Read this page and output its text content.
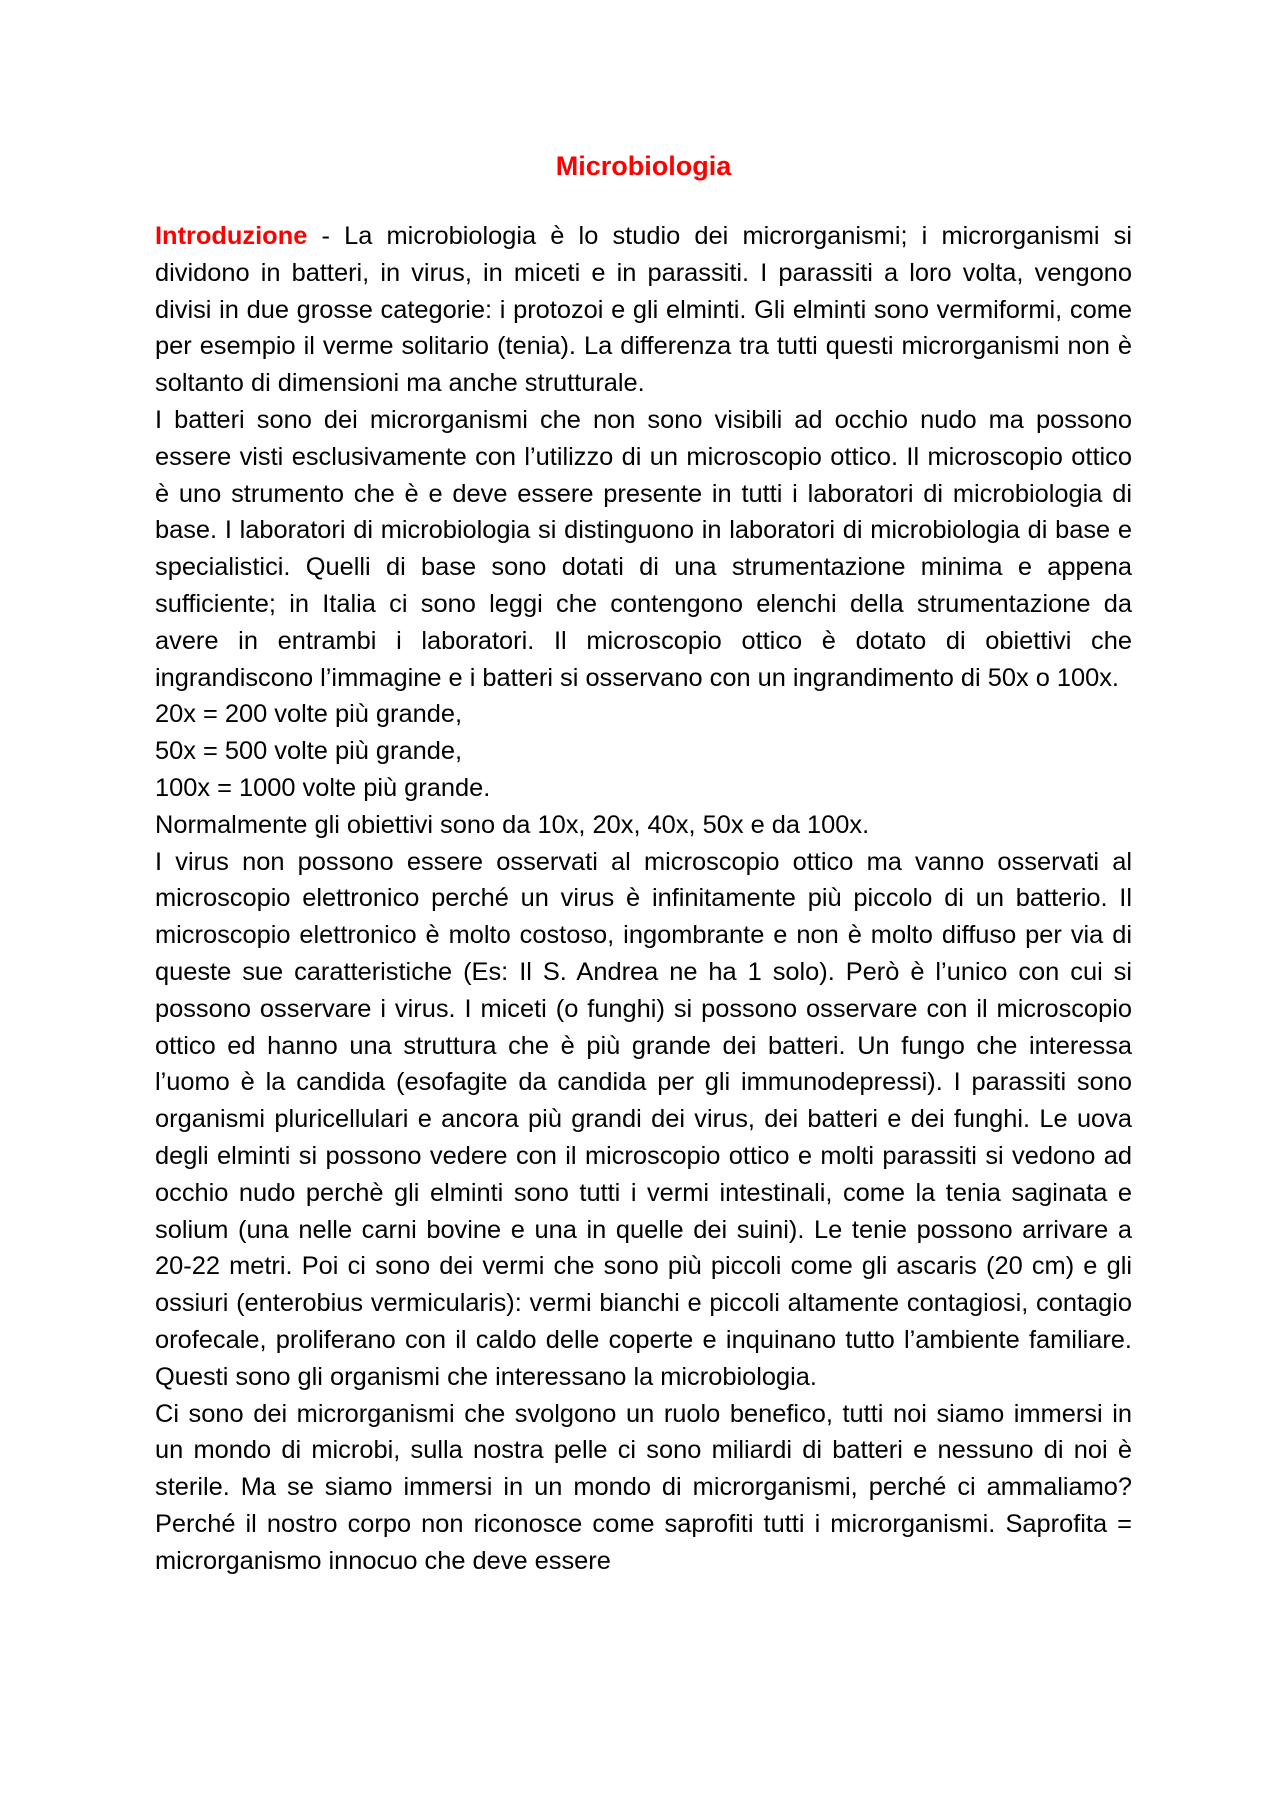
Microbiologia

Introduzione - La microbiologia è lo studio dei microrganismi; i microrganismi si dividono in batteri, in virus, in miceti e in parassiti. I parassiti a loro volta, vengono divisi in due grosse categorie: i protozoi e gli elminti. Gli elminti sono vermiformi, come per esempio il verme solitario (tenia). La differenza tra tutti questi microrganismi non è soltanto di dimensioni ma anche strutturale.

I batteri sono dei microrganismi che non sono visibili ad occhio nudo ma possono essere visti esclusivamente con l’utilizzo di un microscopio ottico. Il microscopio ottico è uno strumento che è e deve essere presente in tutti i laboratori di microbiologia di base. I laboratori di microbiologia si distinguono in laboratori di microbiologia di base e specialistici. Quelli di base sono dotati di una strumentazione minima e appena sufficiente; in Italia ci sono leggi che contengono elenchi della strumentazione da avere in entrambi i laboratori. Il microscopio ottico è dotato di obiettivi che ingrandiscono l’immagine e i batteri si osservano con un ingrandimento di 50x o 100x.

20x = 200 volte più grande,

50x = 500 volte più grande,

100x = 1000 volte più grande.

Normalmente gli obiettivi sono da 10x, 20x, 40x, 50x e da 100x.

I virus non possono essere osservati al microscopio ottico ma vanno osservati al microscopio elettronico perché un virus è infinitamente più piccolo di un batterio. Il microscopio elettronico è molto costoso, ingombrante e non è molto diffuso per via di queste sue caratteristiche (Es: Il S. Andrea ne ha 1 solo). Però è l’unico con cui si possono osservare i virus. I miceti (o funghi) si possono osservare con il microscopio ottico ed hanno una struttura che è più grande dei batteri. Un fungo che interessa l’uomo è la candida (esofagite da candida per gli immunodepressi). I parassiti sono organismi pluricellulari e ancora più grandi dei virus, dei batteri e dei funghi. Le uova degli elminti si possono vedere con il microscopio ottico e molti parassiti si vedono ad occhio nudo perchè gli elminti sono tutti i vermi intestinali, come la tenia saginata e solium (una nelle carni bovine e una in quelle dei suini). Le tenie possono arrivare a 20-22 metri. Poi ci sono dei vermi che sono più piccoli come gli ascaris (20 cm) e gli ossiuri (enterobius vermicularis): vermi bianchi e piccoli altamente contagiosi, contagio orofecale, proliferano con il caldo delle coperte e inquinano tutto l’ambiente familiare. Questi sono gli organismi che interessano la microbiologia.

Ci sono dei microrganismi che svolgono un ruolo benefico, tutti noi siamo immersi in un mondo di microbi, sulla nostra pelle ci sono miliardi di batteri e nessuno di noi è sterile. Ma se siamo immersi in un mondo di microrganismi, perché ci ammaliamo? Perché il nostro corpo non riconosce come saprofiti tutti i microrganismi. Saprofita = microrganismo innocuo che deve essere
